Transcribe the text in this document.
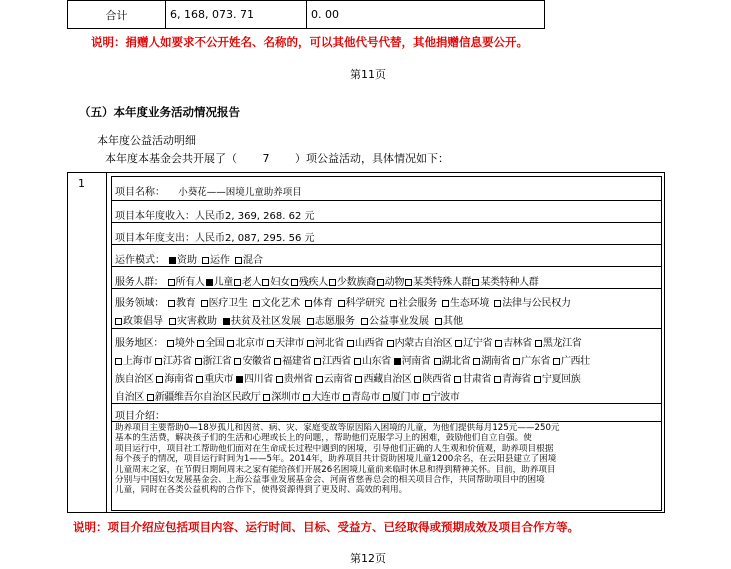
合计	6, 168, 073. 71	0. 00
说明：捐赠人如要求不公开姓名、名称的，可以其他代号代替，其他捐赠信息要公开。
第11页
（五）本年度业务活动情况报告
本年度公益活动明细
本年度本基金会共开展了（ 7 ）项公益活动，具体情况如下：
1
项目名称： 小葵花——困境儿童助养项目
项目本年度收入：人民币2, 369, 268. 62 元
项目本年度支出：人民币2, 087, 295. 56 元
运作模式： 资助 运作 混合
服务人群： 所有人 儿童 老人 妇女 残疾人 少数族裔 动物 某类特殊人群 某类特种人群
服务领域： 教育 医疗卫生 文化艺术 体育 科学研究 社会服务 生态环境 法律与公民权力
政策倡导 灾害救助 扶贫及社区发展 志愿服务 公益事业发展 其他
服务地区： 境外 全国 北京市 天津市 河北省 山西省 内蒙古自治区 辽宁省 吉林省 黑龙江省
上海市 江苏省 浙江省 安徽省 福建省 江西省 山东省 河南省 湖北省 湖南省 广东省 广西壮
族自治区 海南省 重庆市 四川省 贵州省 云南省 西藏自治区 陕西省 甘肃省 青海省 宁夏回族
自治区 新疆维吾尔自治区民政厅 深圳市 大连市 青岛市 厦门市 宁波市
项目介绍：
助养项目主要帮助0—18岁孤儿和因贫、病、灾、家庭变故等原因陷入困境的儿童，为他们提供每月125元——250元
基本的生活费，解决孩子们的生活和心理或长上的问题，，帮助他们克服学习上的困难，鼓励他们自立自强。使
项目运行中，项目社工帮助他们面对在生命成长过程中遇到的困境，引导他们正确的人生观和价值观，助养项目根据
每个孩子的情况，项目运行时间为1——5年。2014年，助养项目共计资助困境儿童1200余名，在云阳县建立了困境
儿童周末之家，在节假日期间周末之家有能给孩们开展26名困境儿童前来临时休息和得到精神关怀。目前，助养项目
分别与中国妇女发展基金会、上海公益事业发展基金会、河南省慈善总会的相关项目合作，共同帮助项目中的困境
儿童，同时在各类公益机构的合作下，使得资源得到了更及时、高效的利用。
说明：项目介绍应包括项目内容、运行时间、目标、受益方、已经取得或预期成效及项目合作方等。
第12页
